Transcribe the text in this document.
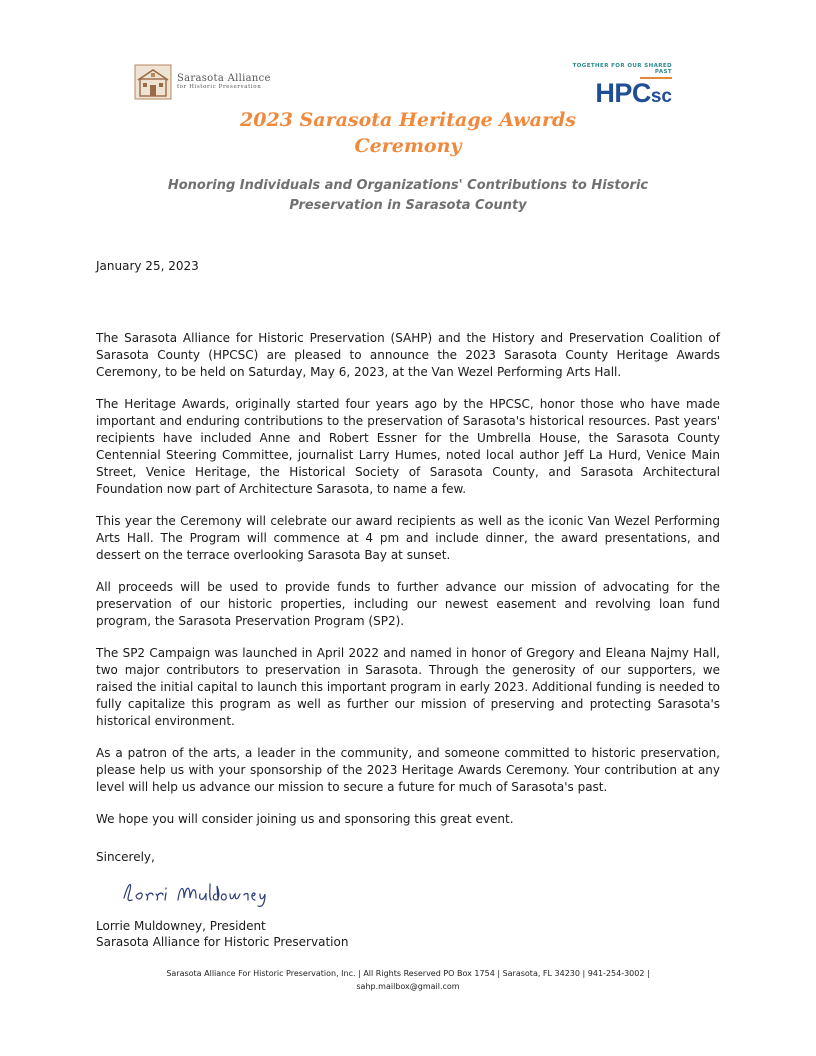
Sarasota Alliance
for Historic Preservation
TOGETHER FOR OUR SHARED PAST
HPCsc
2023 Sarasota Heritage Awards
Ceremony
Honoring Individuals and Organizations' Contributions to Historic
Preservation in Sarasota County
January 25, 2023

The Sarasota Alliance for Historic Preservation (SAHP) and the History and Preservation Coalition of Sarasota County (HPCSC) are pleased to announce the 2023 Sarasota County Heritage Awards Ceremony, to be held on Saturday, May 6, 2023, at the Van Wezel Performing Arts Hall.

The Heritage Awards, originally started four years ago by the HPCSC, honor those who have made important and enduring contributions to the preservation of Sarasota's historical resources. Past years' recipients have included Anne and Robert Essner for the Umbrella House, the Sarasota County Centennial Steering Committee, journalist Larry Humes, noted local author Jeff La Hurd, Venice Main Street, Venice Heritage, the Historical Society of Sarasota County, and Sarasota Architectural Foundation now part of Architecture Sarasota, to name a few.

This year the Ceremony will celebrate our award recipients as well as the iconic Van Wezel Performing Arts Hall. The Program will commence at 4 pm and include dinner, the award presentations, and dessert on the terrace overlooking Sarasota Bay at sunset.

All proceeds will be used to provide funds to further advance our mission of advocating for the preservation of our historic properties, including our newest easement and revolving loan fund program, the Sarasota Preservation Program (SP2).

The SP2 Campaign was launched in April 2022 and named in honor of Gregory and Eleana Najmy Hall, two major contributors to preservation in Sarasota. Through the generosity of our supporters, we raised the initial capital to launch this important program in early 2023. Additional funding is needed to fully capitalize this program as well as further our mission of preserving and protecting Sarasota's historical environment.

As a patron of the arts, a leader in the community, and someone committed to historic preservation, please help us with your sponsorship of the 2023 Heritage Awards Ceremony. Your contribution at any level will help us advance our mission to secure a future for much of Sarasota's past.

We hope you will consider joining us and sponsoring this great event.

Sincerely,
Lorrie Muldowney, President
Sarasota Alliance for Historic Preservation
Sarasota Alliance For Historic Preservation, Inc. | All Rights Reserved PO Box 1754 | Sarasota, FL 34230 | 941-254-3002 |
sahp.mailbox@gmail.com
